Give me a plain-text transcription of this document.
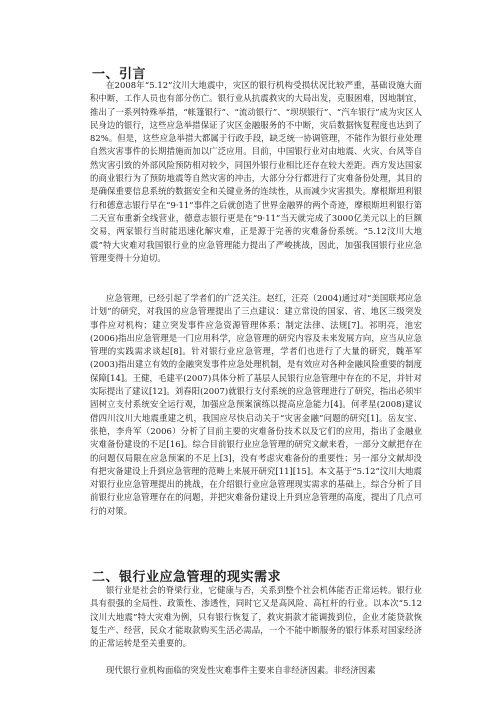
一、引言

在2008年“5.12”汶川大地震中，灾区的银行机构受损状况比较严重，基础设施大面积中断，工作人员也有部分伤亡。银行业从抗震救灾的大局出发，克服困难，因地制宜，推出了一系列特殊举措，“帐篷银行”、“流动银行”、“坝坝银行”、“汽车银行”成为灾区人民身边的银行，这些应急举措保证了灾区金融服务的不中断，灾后数据恢复程度也达到了82%。但是，这些应急举措大都属于行政手段，缺乏统一协调管理，不能作为银行业处理自然灾害事件的长期措施而加以广泛应用。目前，中国银行业对由地震、火灾、台风等自然灾害引致的外部风险预防相对较少，同国外银行业相比还存在较大差距。西方发达国家的商业银行为了预防地震等自然灾害的冲击，大部分分行都进行了灾难备份处理，其目的是确保重要信息系统的数据安全和关键业务的连续性，从而减少灾害损失。摩根斯坦利银行和德意志银行早在“9·11”事件之后就创造了世界金融界的两个奇迹，摩根斯坦利银行第二天宣布重新全线营业，德意志银行更是在“9·11”当天就完成了3000亿美元以上的巨额交易，两家银行当时能迅速化解灾难，正是源于完善的灾难备份系统。“5.12汶川大地震”特大灾难对我国银行业的应急管理能力提出了严峻挑战，因此，加强我国银行业应急管理变得十分迫切。

应急管理，已经引起了学者们的广泛关注。赵红，汪亮（2004)通过对“美国联邦应急计划”的研究，对我国的应急管理提出了三点建议：建立常设的国家、省、地区三级突发事件应对机构；建立突发事件应急资源管理体系；制定法律、法规[7]。祁明亮，池宏(2006)指出应急管理是一门应用科学，应急管理的研究内容及未来发展方向，应当从应急管理的实践需求谈起[8]。针对银行业应急管理，学者们也进行了大量的研究，魏革军(2003)指出建立有效的金融突发事件应急处理机制，是有效应对各种金融风险重要的制度保障[14]。王健，毛建平(2007)具体分析了基层人民银行应急管理中存在的不足，并针对实际提出了建议[12]。刘春阳(2007)就银行支付系统的应急管理进行了研究，指出必须牢固树立支付系统安全运行观，加强应急预案演练以提高应急能力[4]。何孝星(2008)建议借四川汶川大地震重建之机，我国应尽快启动关于“灾害金融”问题的研究[1]。岳友宝、张艳，李舟军（2006）分析了目前主要的灾难备份技术以及它们的应用，指出了金融业灾难备份建设的不足[16]。综合目前银行业应急管理的研究文献来看，一部分文献把存在的问题仅局限在应急预案的不足上[3]，没有考虑灾难备份的重要性；另一部分文献却没有把灾备建设上升到应急管理的范畴上来展开研究[11][15]。本文基于“5.12”汶川大地震对银行业应急管理提出的挑战，在介绍银行业应急管理现实需求的基础上，综合分析了目前银行业应急管理存在的问题，并把灾难备份建设上升到应急管理的高度，提出了几点可行的对策。

二、银行业应急管理的现实需求

银行业是社会的脊梁行业，它健康与否，关系到整个社会机体能否正常运转。银行业具有很强的全局性、政策性、渗透性，同时它又是高风险、高杠杆的行业。以本次“5.12汶川大地震”特大灾难为例，只有银行恢复了，救灾捐款才能调拨到位，企业才能贷款恢复生产、经营，民众才能取款购买生活必需品，一个不能中断服务的银行体系对国家经济的正常运转是至关重要的。

现代银行业机构面临的突发性灾难事件主要来自非经济因素。非经济因素
